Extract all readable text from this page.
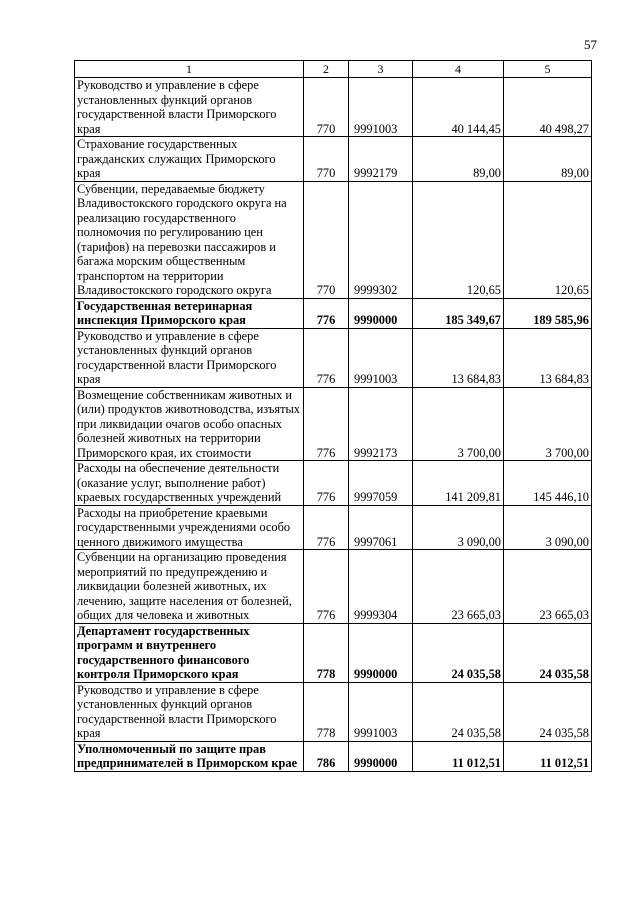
57
1	2	3	4	5
Руководство и управление в сфере установленных функций органов государственной власти Приморского края	770	9991003	40 144,45	40 498,27
Страхование государственных гражданских служащих Приморского края	770	9992179	89,00	89,00
Субвенции, передаваемые бюджету Владивостокского городского округа на реализацию государственного полномочия по регулированию цен (тарифов) на перевозки пассажиров и багажа морским общественным транспортом на территории Владивостокского городского округа	770	9999302	120,65	120,65
Государственная ветеринарная инспекция Приморского края	776	9990000	185 349,67	189 585,96
Руководство и управление в сфере установленных функций органов государственной власти Приморского края	776	9991003	13 684,83	13 684,83
Возмещение собственникам животных и (или) продуктов животноводства, изъятых при ликвидации очагов особо опасных болезней животных на территории Приморского края, их стоимости	776	9992173	3 700,00	3 700,00
Расходы на обеспечение деятельности (оказание услуг, выполнение работ) краевых государственных учреждений	776	9997059	141 209,81	145 446,10
Расходы на приобретение краевыми государственными учреждениями особо ценного движимого имущества	776	9997061	3 090,00	3 090,00
Субвенции на организацию проведения мероприятий по предупреждению и ликвидации болезней животных, их лечению, защите населения от болезней, общих для человека и животных	776	9999304	23 665,03	23 665,03
Департамент государственных программ и внутреннего государственного финансового контроля Приморского края	778	9990000	24 035,58	24 035,58
Руководство и управление в сфере установленных функций органов государственной власти Приморского края	778	9991003	24 035,58	24 035,58
Уполномоченный по защите прав предпринимателей в Приморском крае	786	9990000	11 012,51	11 012,51
